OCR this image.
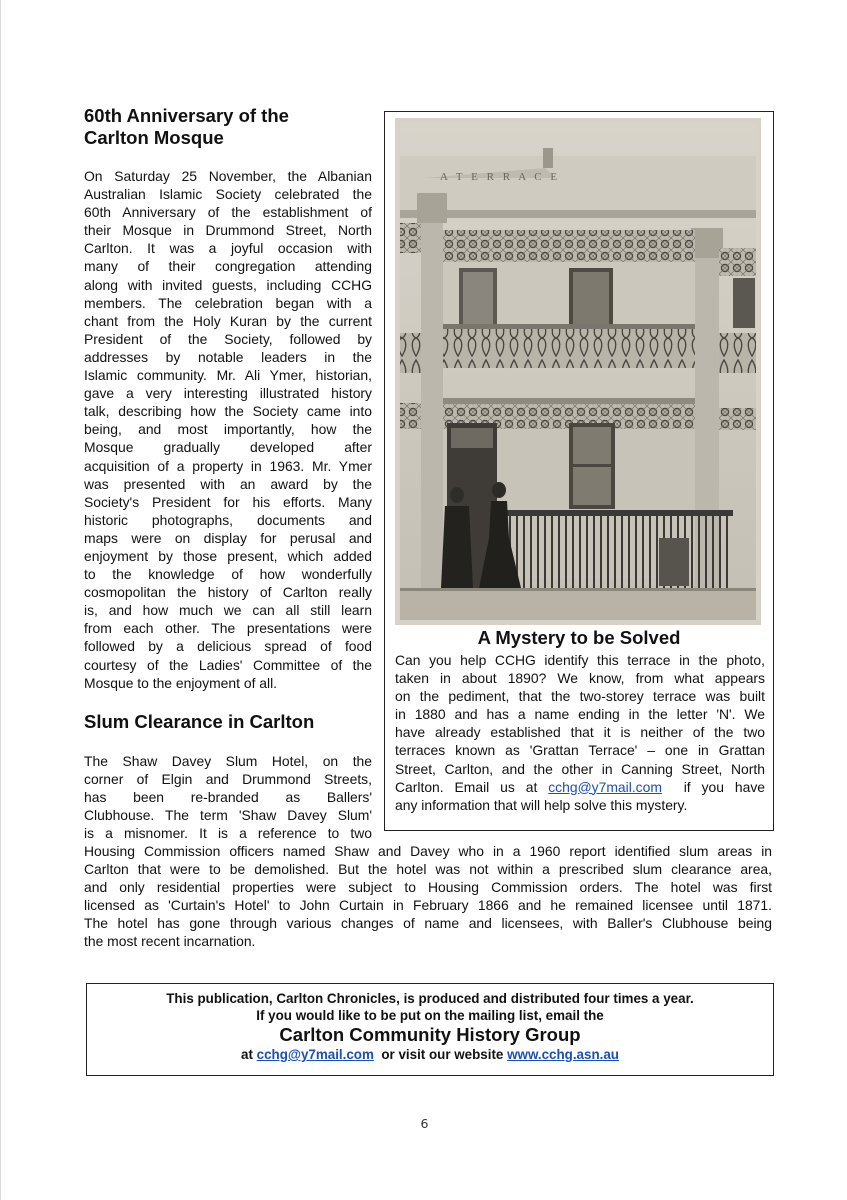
60th Anniversary of the
Carlton Mosque
On Saturday 25 November, the Albanian
Australian Islamic Society celebrated the
60th Anniversary of the establishment of
their Mosque in Drummond Street, North
Carlton. It was a joyful occasion with
many of their congregation attending
along with invited guests, including CCHG
members. The celebration began with a
chant from the Holy Kuran by the current
President of the Society, followed by
addresses by notable leaders in the
Islamic community. Mr. Ali Ymer, historian,
gave a very interesting illustrated history
talk, describing how the Society came into
being, and most importantly, how the
Mosque gradually developed after
acquisition of a property in 1963. Mr. Ymer
was presented with an award by the
Society's President for his efforts. Many
historic photographs, documents and
maps were on display for perusal and
enjoyment by those present, which added
to the knowledge of how wonderfully
cosmopolitan the history of Carlton really
is, and how much we can all still learn
from each other. The presentations were
followed by a delicious spread of food
courtesy of the Ladies' Committee of the
Mosque to the enjoyment of all.
Slum Clearance in Carlton
The Shaw Davey Slum Hotel, on the
corner of Elgin and Drummond Streets,
has been re-branded as Ballers'
Clubhouse. The term 'Shaw Davey Slum'
is a misnomer. It is a reference to two
Housing Commission officers named Shaw and Davey who in a 1960 report identified slum areas in
Carlton that were to be demolished. But the hotel was not within a prescribed slum clearance area,
and only residential properties were subject to Housing Commission orders. The hotel was first
licensed as 'Curtain's Hotel' to John Curtain in February 1866 and he remained licensee until 1871.
The hotel has gone through various changes of name and licensees, with Baller's Clubhouse being
the most recent incarnation.
A T E R R A C E
A Mystery to be Solved
Can you help CCHG identify this terrace in the photo,
taken in about 1890? We know, from what appears
on the pediment, that the two-storey terrace was built
in 1880 and has a name ending in the letter 'N'. We
have already established that it is neither of the two
terraces known as 'Grattan Terrace' – one in Grattan
Street, Carlton, and the other in Canning Street, North
Carlton. Email us at cchg@y7mail.com  if you have
any information that will help solve this mystery.
This publication, Carlton Chronicles, is produced and distributed four times a year.
If you would like to be put on the mailing list, email the
Carlton Community History Group
at cchg@y7mail.com  or visit our website www.cchg.asn.au
6
